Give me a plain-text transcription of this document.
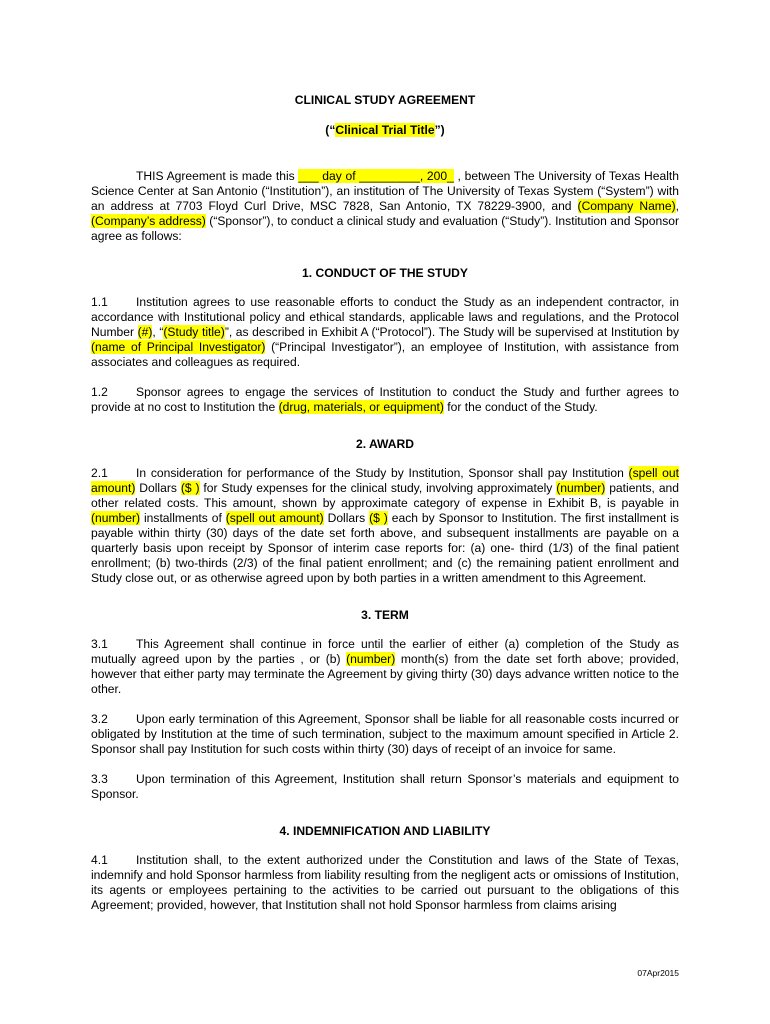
CLINICAL STUDY AGREEMENT

(“Clinical Trial Title”)

THIS Agreement is made this ___ day of _________, 200_ , between The University of Texas Health Science Center at San Antonio (“Institution”), an institution of The University of Texas System (“System”) with an address at 7703 Floyd Curl Drive, MSC 7828, San Antonio, TX 78229-3900, and (Company Name), (Company’s address) (“Sponsor”), to conduct a clinical study and evaluation (“Study”). Institution and Sponsor agree as follows:

1. CONDUCT OF THE STUDY

1.1 Institution agrees to use reasonable efforts to conduct the Study as an independent contractor, in accordance with Institutional policy and ethical standards, applicable laws and regulations, and the Protocol Number (#), “(Study title)”, as described in Exhibit A (“Protocol”). The Study will be supervised at Institution by (name of Principal Investigator) (“Principal Investigator”), an employee of Institution, with assistance from associates and colleagues as required.

1.2 Sponsor agrees to engage the services of Institution to conduct the Study and further agrees to provide at no cost to Institution the (drug, materials, or equipment) for the conduct of the Study.

2. AWARD

2.1 In consideration for performance of the Study by Institution, Sponsor shall pay Institution (spell out amount) Dollars ($ ) for Study expenses for the clinical study, involving approximately (number) patients, and other related costs. This amount, shown by approximate category of expense in Exhibit B, is payable in (number) installments of (spell out amount) Dollars ($ ) each by Sponsor to Institution. The first installment is payable within thirty (30) days of the date set forth above, and subsequent installments are payable on a quarterly basis upon receipt by Sponsor of interim case reports for: (a) one- third (1/3) of the final patient enrollment; (b) two-thirds (2/3) of the final patient enrollment; and (c) the remaining patient enrollment and Study close out, or as otherwise agreed upon by both parties in a written amendment to this Agreement.

3. TERM

3.1 This Agreement shall continue in force until the earlier of either (a) completion of the Study as mutually agreed upon by the parties , or (b) (number) month(s) from the date set forth above; provided, however that either party may terminate the Agreement by giving thirty (30) days advance written notice to the other.

3.2 Upon early termination of this Agreement, Sponsor shall be liable for all reasonable costs incurred or obligated by Institution at the time of such termination, subject to the maximum amount specified in Article 2. Sponsor shall pay Institution for such costs within thirty (30) days of receipt of an invoice for same.

3.3 Upon termination of this Agreement, Institution shall return Sponsor’s materials and equipment to Sponsor.

4. INDEMNIFICATION AND LIABILITY

4.1 Institution shall, to the extent authorized under the Constitution and laws of the State of Texas, indemnify and hold Sponsor harmless from liability resulting from the negligent acts or omissions of Institution, its agents or employees pertaining to the activities to be carried out pursuant to the obligations of this Agreement; provided, however, that Institution shall not hold Sponsor harmless from claims arising

07Apr2015
